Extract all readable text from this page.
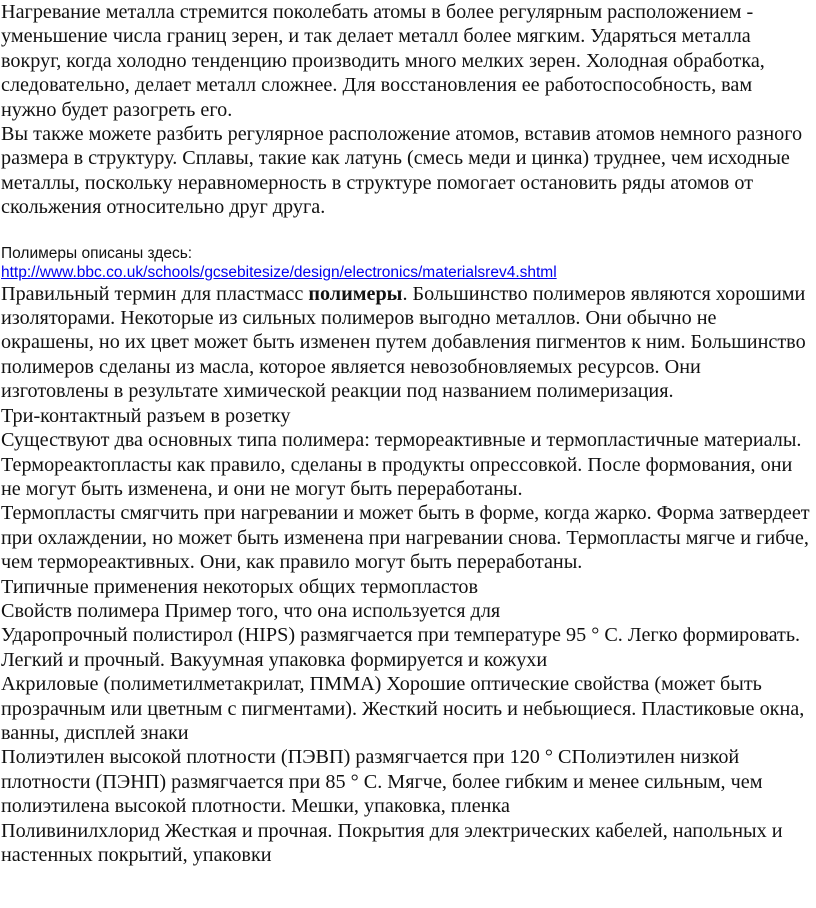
Нагревание металла стремится поколебать атомы в более регулярным расположением - уменьшение числа границ зерен, и так делает металл более мягким. Ударяться металла вокруг, когда холодно тенденцию производить много мелких зерен. Холодная обработка, следовательно, делает металл сложнее. Для восстановления ее работоспособность, вам нужно будет разогреть его.

Вы также можете разбить регулярное расположение атомов, вставив атомов немного разного размера в структуру. Сплавы, такие как латунь (смесь меди и цинка) труднее, чем исходные металлы, поскольку неравномерность в структуре помогает остановить ряды атомов от скольжения относительно друг друга.

Полимеры описаны здесь:

http://www.bbc.co.uk/schools/gcsebitesize/design/electronics/materialsrev4.shtml

Правильный термин для пластмасс полимеры. Большинство полимеров являются хорошими изоляторами. Некоторые из сильных полимеров выгодно металлов. Они обычно не окрашены, но их цвет может быть изменен путем добавления пигментов к ним. Большинство полимеров сделаны из масла, которое является невозобновляемых ресурсов. Они изготовлены в результате химической реакции под названием полимеризация.

Три-контактный разъем в розетку

Существуют два основных типа полимера: термореактивные и термопластичные материалы.

Термореактопласты как правило, сделаны в продукты опрессовкой. После формования, они не могут быть изменена, и они не могут быть переработаны.

Термопласты смягчить при нагревании и может быть в форме, когда жарко. Форма затвердеет при охлаждении, но может быть изменена при нагревании снова. Термопласты мягче и гибче, чем термореактивных. Они, как правило могут быть переработаны.

Типичные применения некоторых общих термопластов

Свойств полимера Пример того, что она используется для

Ударопрочный полистирол (HIPS) размягчается при температуре 95 ° C. Легко формировать. Легкий и прочный. Вакуумная упаковка формируется и кожухи

Акриловые (полиметилметакрилат, ПММА) Хорошие оптические свойства (может быть прозрачным или цветным с пигментами). Жесткий носить и небьющиеся. Пластиковые окна, ванны, дисплей знаки

Полиэтилен высокой плотности (ПЭВП) размягчается при 120 ° CПолиэтилен низкой плотности (ПЭНП) размягчается при 85 ° C. Мягче, более гибким и менее сильным, чем полиэтилена высокой плотности. Мешки, упаковка, пленка

Поливинилхлорид Жесткая и прочная. Покрытия для электрических кабелей, напольных и настенных покрытий, упаковки
